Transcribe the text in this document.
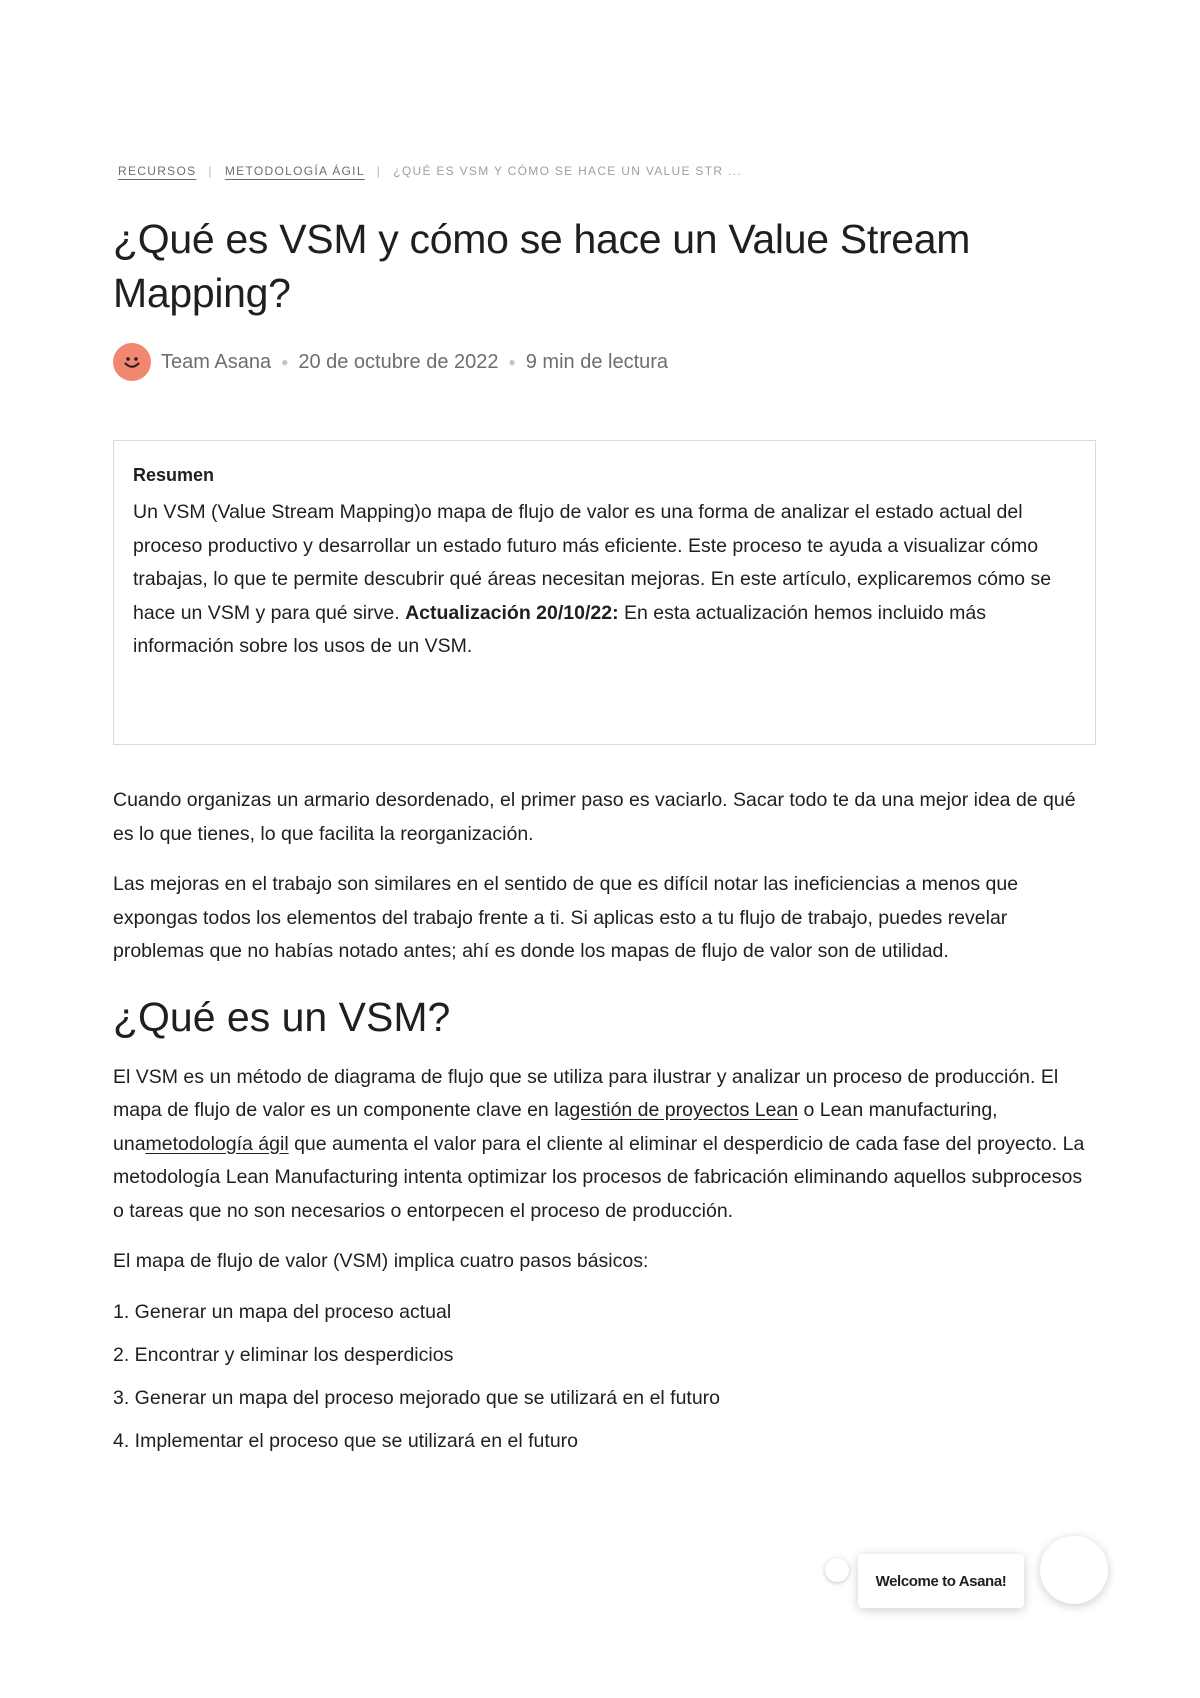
RECURSOS | METODOLOGÍA ÁGIL | ¿QUÉ ES VSM Y CÓMO SE HACE UN VALUE STR ...
¿Qué es VSM y cómo se hace un Value Stream Mapping?
Team Asana ● 20 de octubre de 2022 ● 9 min de lectura
Resumen

Un VSM (Value Stream Mapping)o mapa de flujo de valor es una forma de analizar el estado actual del proceso productivo y desarrollar un estado futuro más eficiente. Este proceso te ayuda a visualizar cómo trabajas, lo que te permite descubrir qué áreas necesitan mejoras. En este artículo, explicaremos cómo se hace un VSM y para qué sirve. Actualización 20/10/22: En esta actualización hemos incluido más información sobre los usos de un VSM.

Cuando organizas un armario desordenado, el primer paso es vaciarlo. Sacar todo te da una mejor idea de qué es lo que tienes, lo que facilita la reorganización.

Las mejoras en el trabajo son similares en el sentido de que es difícil notar las ineficiencias a menos que expongas todos los elementos del trabajo frente a ti. Si aplicas esto a tu flujo de trabajo, puedes revelar problemas que no habías notado antes; ahí es donde los mapas de flujo de valor son de utilidad.

¿Qué es un VSM?

El VSM es un método de diagrama de flujo que se utiliza para ilustrar y analizar un proceso de producción. El mapa de flujo de valor es un componente clave en lagestión de proyectos Lean o Lean manufacturing, unametodología ágil que aumenta el valor para el cliente al eliminar el desperdicio de cada fase del proyecto. La metodología Lean Manufacturing intenta optimizar los procesos de fabricación eliminando aquellos subprocesos o tareas que no son necesarios o entorpecen el proceso de producción.

El mapa de flujo de valor (VSM) implica cuatro pasos básicos:

1. Generar un mapa del proceso actual
2. Encontrar y eliminar los desperdicios
3. Generar un mapa del proceso mejorado que se utilizará en el futuro
4. Implementar el proceso que se utilizará en el futuro
Welcome to Asana!
